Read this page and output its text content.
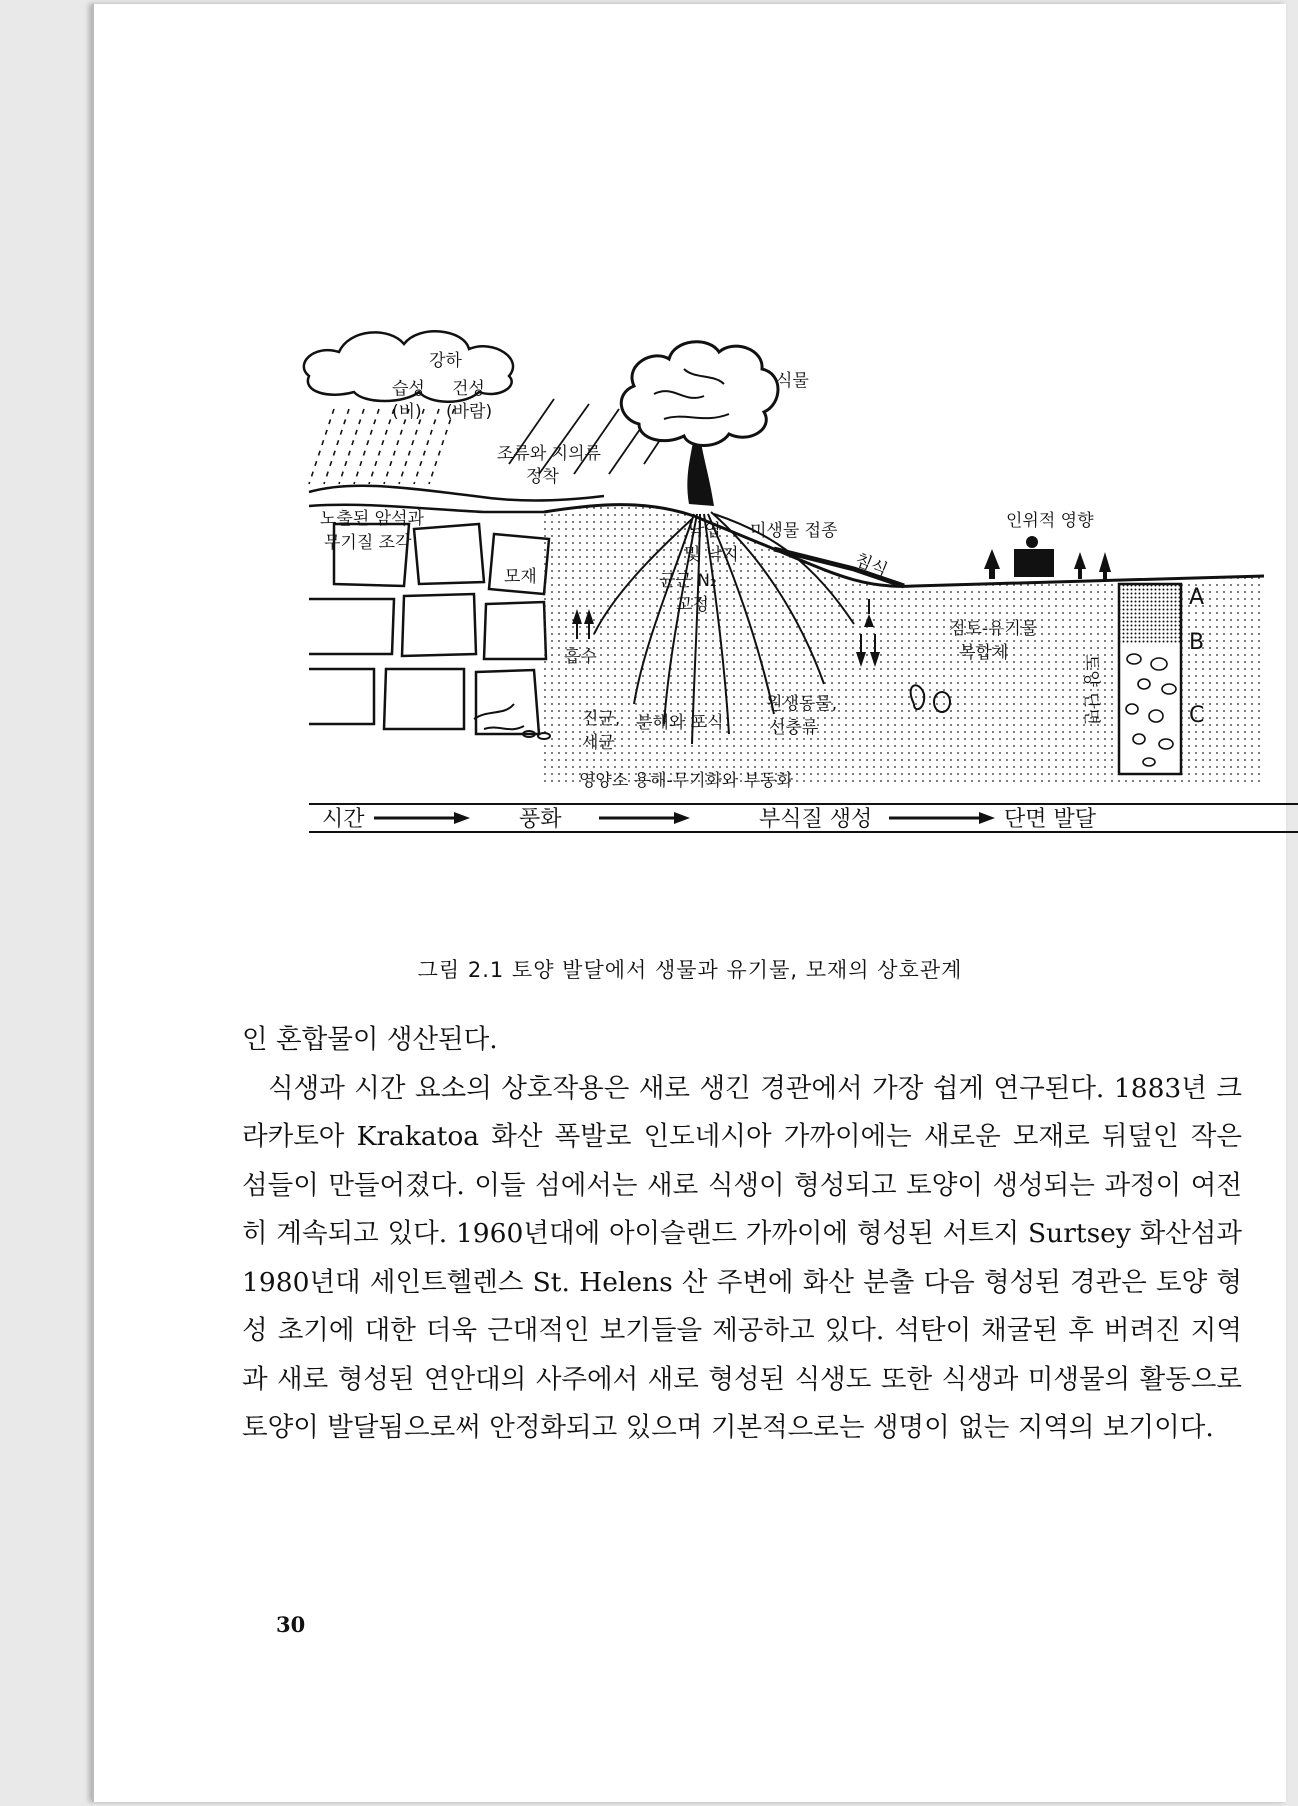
강하
습성
(비)
건성
(바람)
조류와 지의류
정착
식물
노출된 암석과
무기질 조각
모재
낙엽
및 낙지
미생물 접종
침식
인위적 영향
균근 N₂
고정
흡수
점토-유기물
복합체
진균,
세균
분해와 포식
원생동물,
선충류
영양소 용해-무기화와 부동화
토양 단면
A
B
C
시간	풍화	부식질 생성	단면 발달
그림 2.1 토양 발달에서 생물과 유기물, 모재의 상호관계

인 혼합물이 생산된다.

식생과 시간 요소의 상호작용은 새로 생긴 경관에서 가장 쉽게 연구된다. 1883년 크라카토아 Krakatoa 화산 폭발로 인도네시아 가까이에는 새로운 모재로 뒤덮인 작은 섬들이 만들어졌다. 이들 섬에서는 새로 식생이 형성되고 토양이 생성되는 과정이 여전히 계속되고 있다. 1960년대에 아이슬랜드 가까이에 형성된 서트지 Surtsey 화산섬과 1980년대 세인트헬렌스 St. Helens 산 주변에 화산 분출 다음 형성된 경관은 토양 형성 초기에 대한 더욱 근대적인 보기들을 제공하고 있다. 석탄이 채굴된 후 버려진 지역과 새로 형성된 연안대의 사주에서 새로 형성된 식생도 또한 식생과 미생물의 활동으로 토양이 발달됨으로써 안정화되고 있으며 기본적으로는 생명이 없는 지역의 보기이다.

30
